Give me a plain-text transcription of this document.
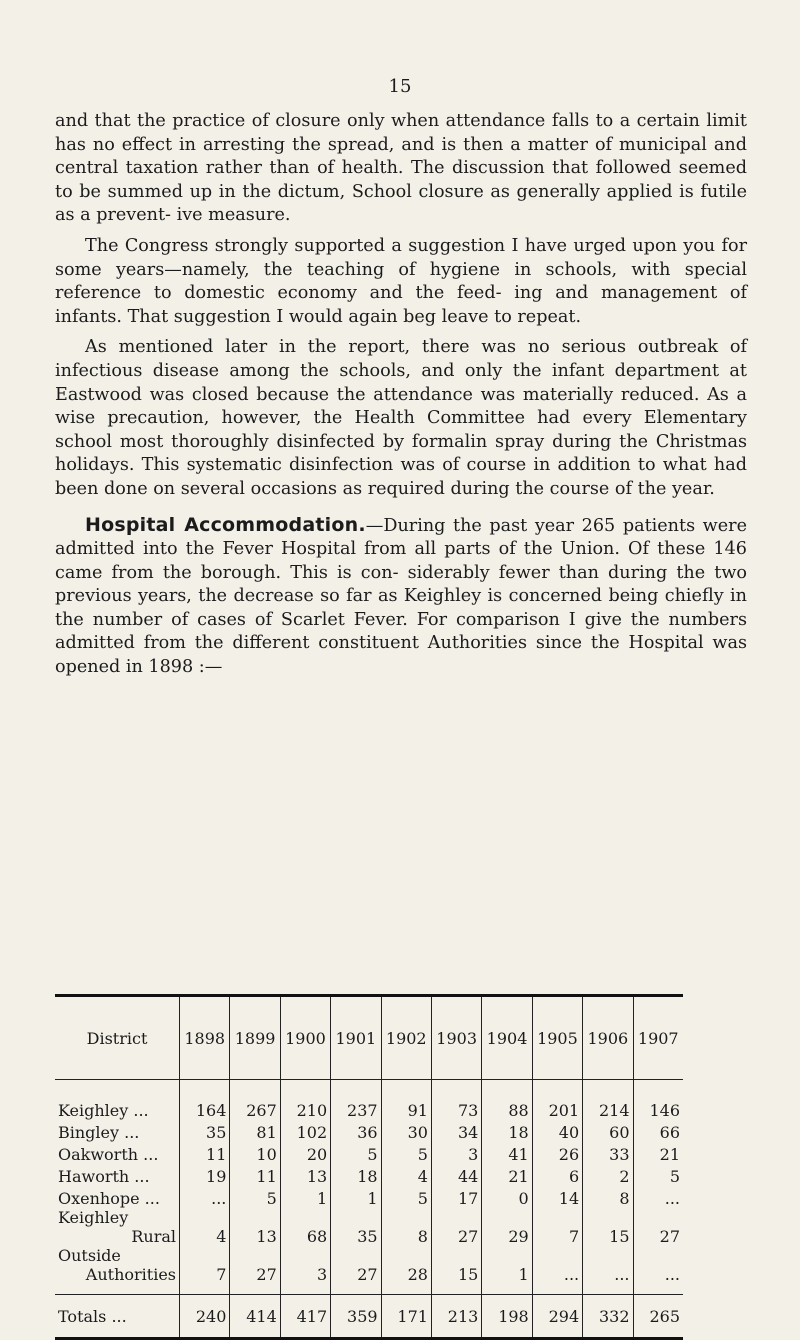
15

and that the practice of closure only when attendance falls to a certain limit has no effect in arresting the spread, and is then a matter of municipal and central taxation rather than of health. The discussion that followed seemed to be summed up in the dictum, School closure as generally applied is futile as a prevent- ive measure.

The Congress strongly supported a suggestion I have urged upon you for some years—namely, the teaching of hygiene in schools, with special reference to domestic economy and the feed- ing and management of infants. That suggestion I would again beg leave to repeat.

As mentioned later in the report, there was no serious outbreak of infectious disease among the schools, and only the infant department at Eastwood was closed because the attendance was materially reduced. As a wise precaution, however, the Health Committee had every Elementary school most thoroughly disinfected by formalin spray during the Christmas holidays. This systematic disinfection was of course in addition to what had been done on several occasions as required during the course of the year.

Hospital Accommodation.—During the past year 265 patients were admitted into the Fever Hospital from all parts of the Union. Of these 146 came from the borough. This is con- siderably fewer than during the two previous years, the decrease so far as Keighley is concerned being chiefly in the number of cases of Scarlet Fever. For comparison I give the numbers admitted from the different constituent Authorities since the Hospital was opened in 1898 :—

District	1898	1899	1900	1901	1902	1903	1904	1905	1906	1907
Keighley ...	164	267	210	237	91	73	88	201	214	146
Bingley ...	35	81	102	36	30	34	18	40	60	66
Oakworth ...	11	10	20	5	5	3	41	26	33	21
Haworth ...	19	11	13	18	4	44	21	6	2	5
Oxenhope ...	...	5	1	1	5	17	0	14	8	...
Keighley
Rural	4	13	68	35	8	27	29	7	15	27
Outside
Authorities	7	27	3	27	28	15	1	...	...	...
Totals ...	240	414	417	359	171	213	198	294	332	265
